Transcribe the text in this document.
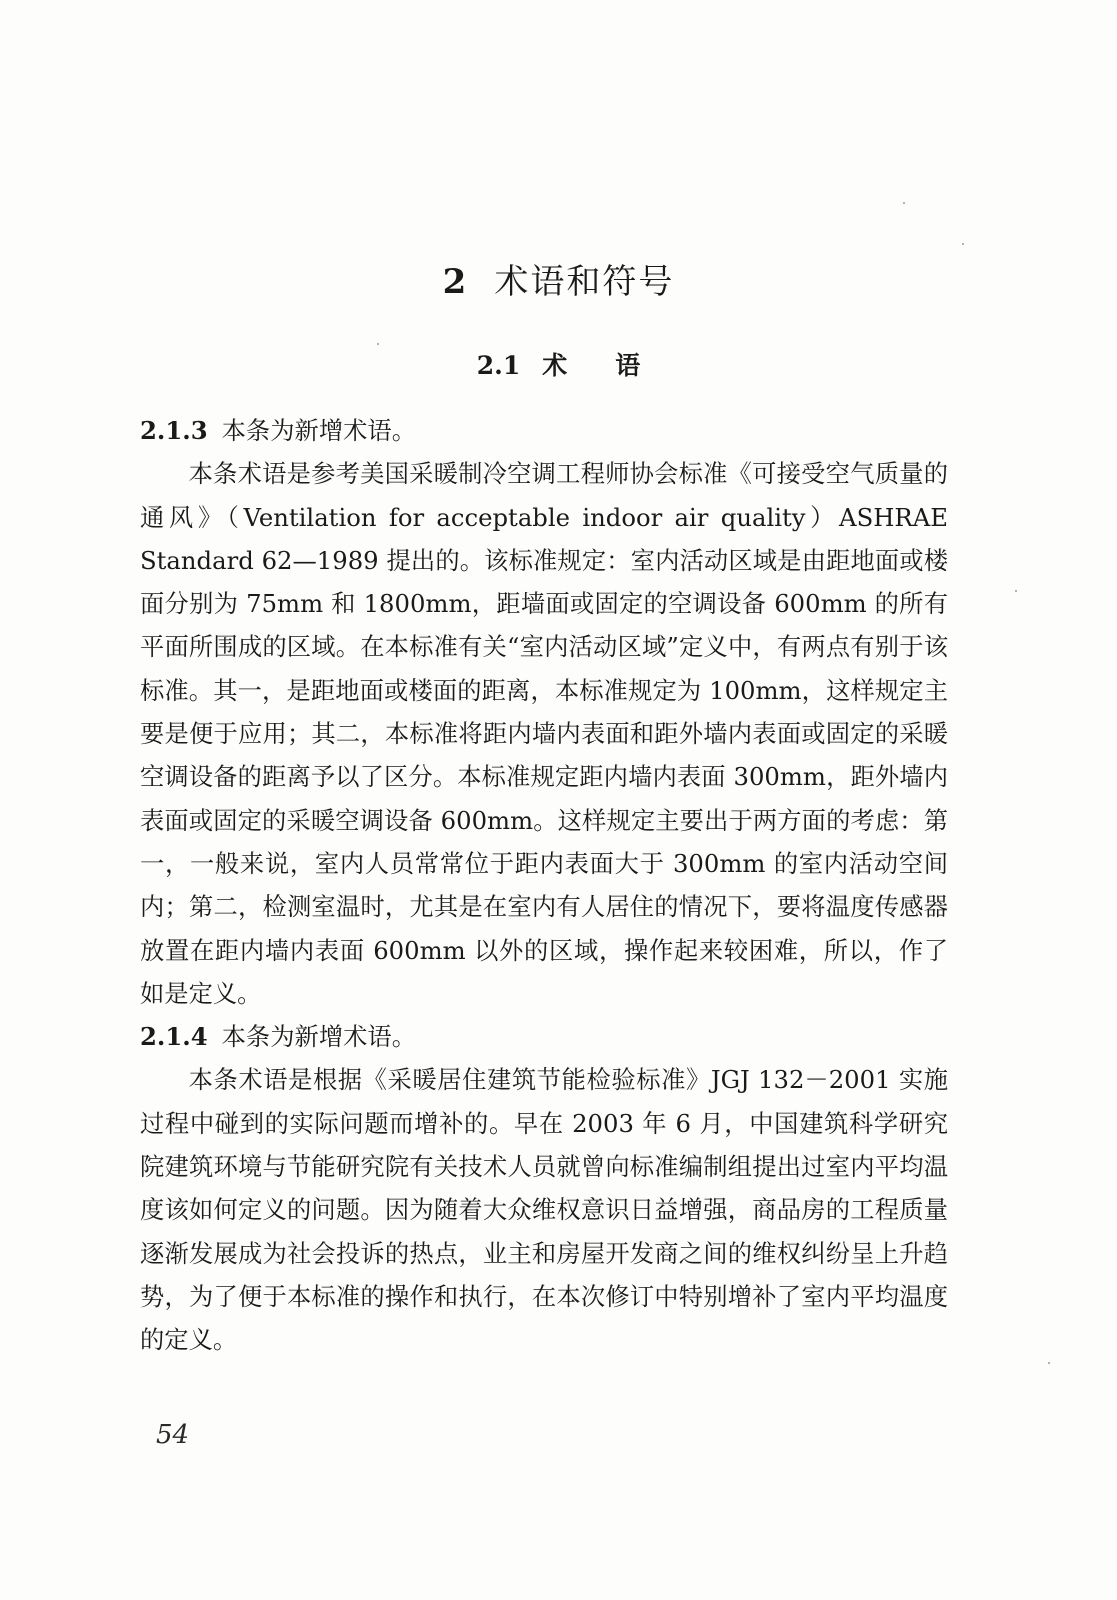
2 术语和符号
2.1 术 语

2.1.3 本条为新增术语。

本条术语是参考美国采暖制冷空调工程师协会标准《可接受空气质量的通风》（Ventilation for acceptable indoor air quality）ASHRAE Standard 62—1989 提出的。该标准规定：室内活动区域是由距地面或楼面分别为 75mm 和 1800mm，距墙面或固定的空调设备 600mm 的所有平面所围成的区域。在本标准有关“室内活动区域”定义中，有两点有别于该标准。其一，是距地面或楼面的距离，本标准规定为 100mm，这样规定主要是便于应用；其二，本标准将距内墙内表面和距外墙内表面或固定的采暖空调设备的距离予以了区分。本标准规定距内墙内表面 300mm，距外墙内表面或固定的采暖空调设备 600mm。这样规定主要出于两方面的考虑：第一，一般来说，室内人员常常位于距内表面大于 300mm 的室内活动空间内；第二，检测室温时，尤其是在室内有人居住的情况下，要将温度传感器放置在距内墙内表面 600mm 以外的区域，操作起来较困难，所以，作了如是定义。

2.1.4 本条为新增术语。

本条术语是根据《采暖居住建筑节能检验标准》JGJ 132－2001 实施过程中碰到的实际问题而增补的。早在 2003 年 6 月，中国建筑科学研究院建筑环境与节能研究院有关技术人员就曾向标准编制组提出过室内平均温度该如何定义的问题。因为随着大众维权意识日益增强，商品房的工程质量逐渐发展成为社会投诉的热点，业主和房屋开发商之间的维权纠纷呈上升趋势，为了便于本标准的操作和执行，在本次修订中特别增补了室内平均温度的定义。

54
